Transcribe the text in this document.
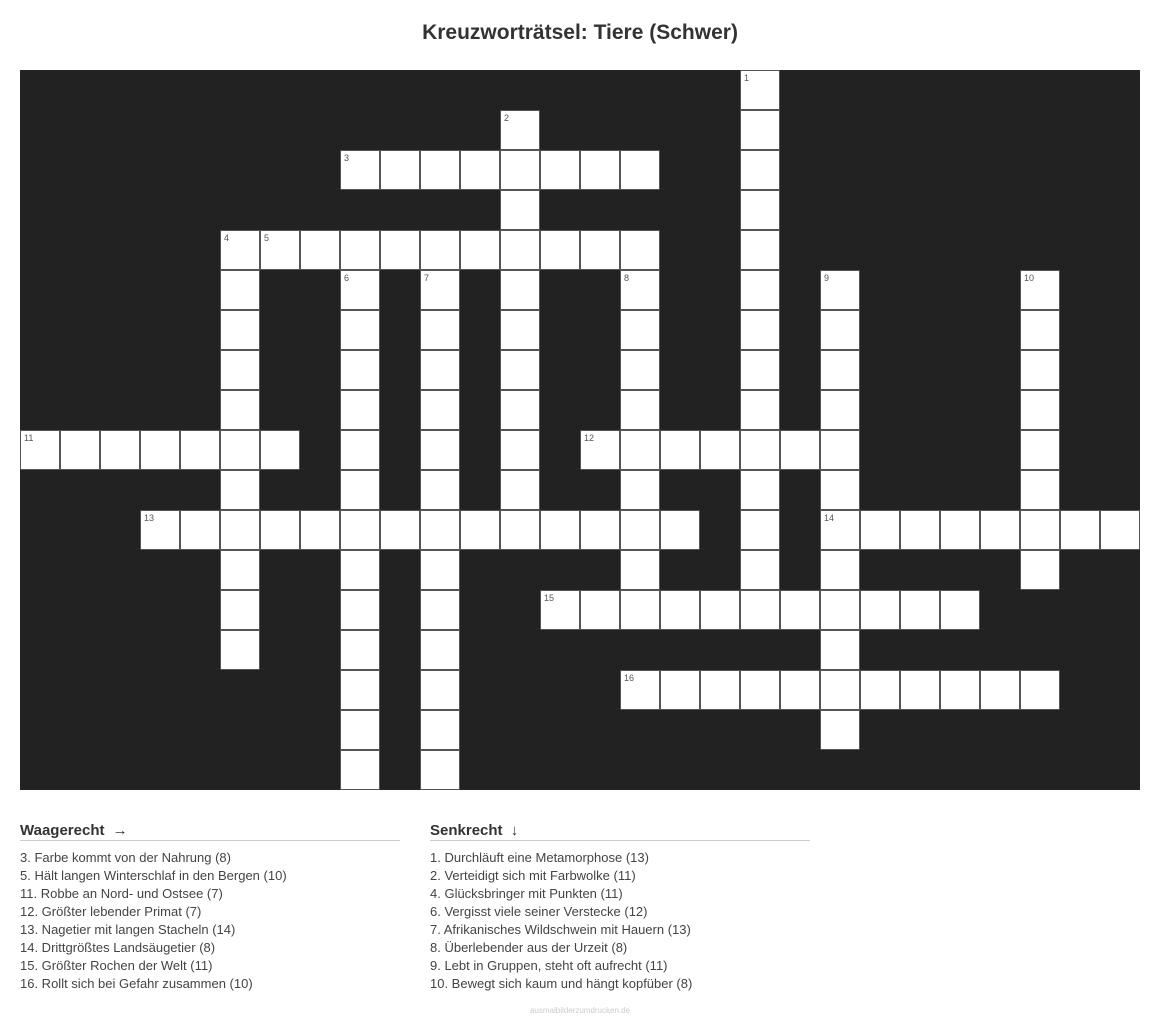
Kreuzworträtsel: Tiere (Schwer)
1
2
3
4	5
6	7	8	9
14
10
11	12
13
15
16
Waagerecht →
3. Farbe kommt von der Nahrung (8)
5. Hält langen Winterschlaf in den Bergen (10)
11. Robbe an Nord- und Ostsee (7)
12. Größter lebender Primat (7)
13. Nagetier mit langen Stacheln (14)
14. Drittgrößtes Landsäugetier (8)
15. Größter Rochen der Welt (11)
16. Rollt sich bei Gefahr zusammen (10)
Senkrecht ↓
1. Durchläuft eine Metamorphose (13)
2. Verteidigt sich mit Farbwolke (11)
4. Glücksbringer mit Punkten (11)
6. Vergisst viele seiner Verstecke (12)
7. Afrikanisches Wildschwein mit Hauern (13)
8. Überlebender aus der Urzeit (8)
9. Lebt in Gruppen, steht oft aufrecht (11)
10. Bewegt sich kaum und hängt kopfüber (8)
ausmalbilderzumdrucken.de
